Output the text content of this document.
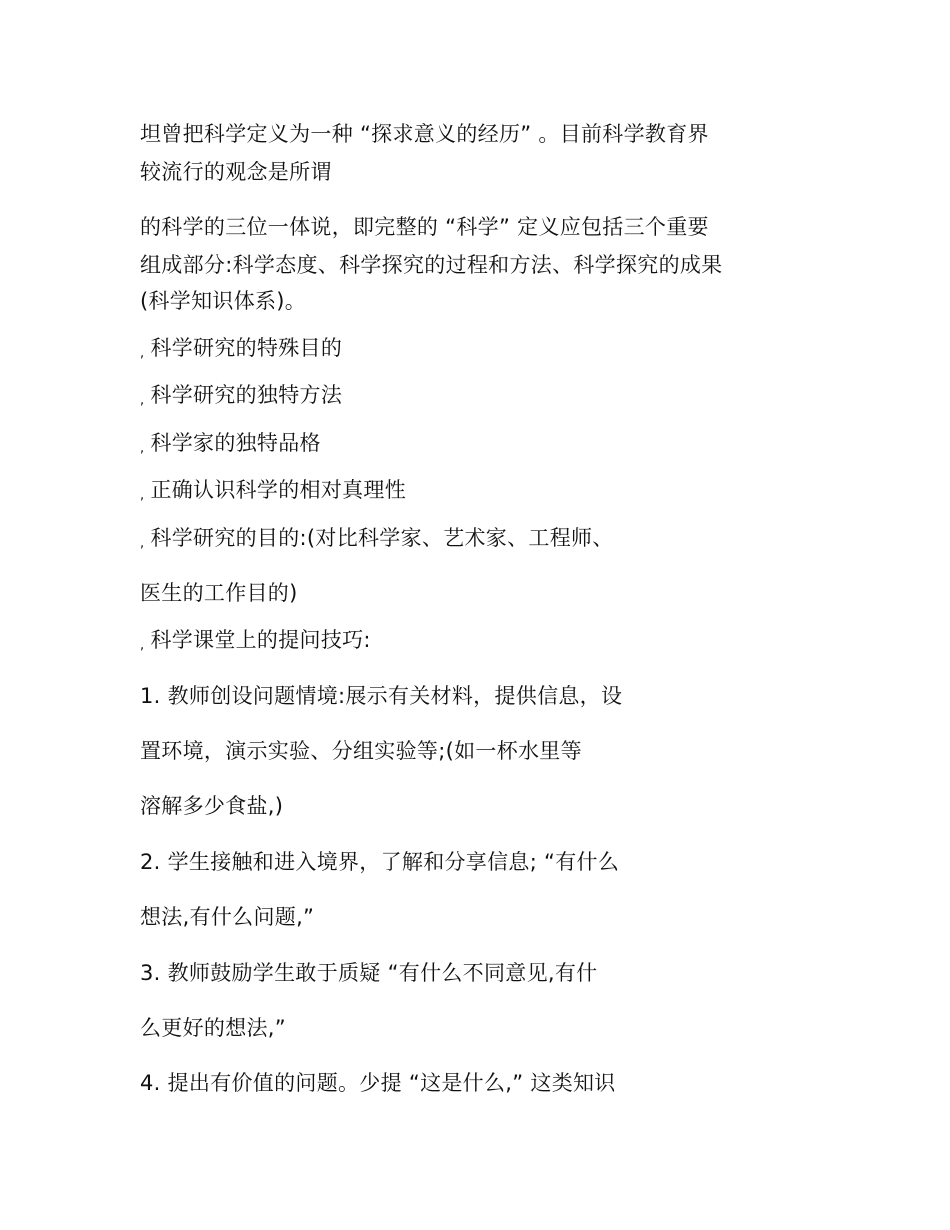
坦曾把科学定义为一种 “探求意义的经历” 。目前科学教育界
较流行的观念是所谓
的科学的三位一体说，即完整的 “科学” 定义应包括三个重要
组成部分:科学态度、科学探究的过程和方法、科学探究的成果
(科学知识体系)。
, 科学研究的特殊目的
, 科学研究的独特方法
, 科学家的独特品格
, 正确认识科学的相对真理性
, 科学研究的目的:(对比科学家、艺术家、工程师、
医生的工作目的)
, 科学课堂上的提问技巧:
1. 教师创设问题情境:展示有关材料，提供信息，设
置环境，演示实验、分组实验等;(如一杯水里等
溶解多少食盐,)
2. 学生接触和进入境界，了解和分享信息; “有什么
想法,有什么问题,”
3. 教师鼓励学生敢于质疑 “有什么不同意见,有什
么更好的想法,”
4. 提出有价值的问题。少提 “这是什么,” 这类知识
